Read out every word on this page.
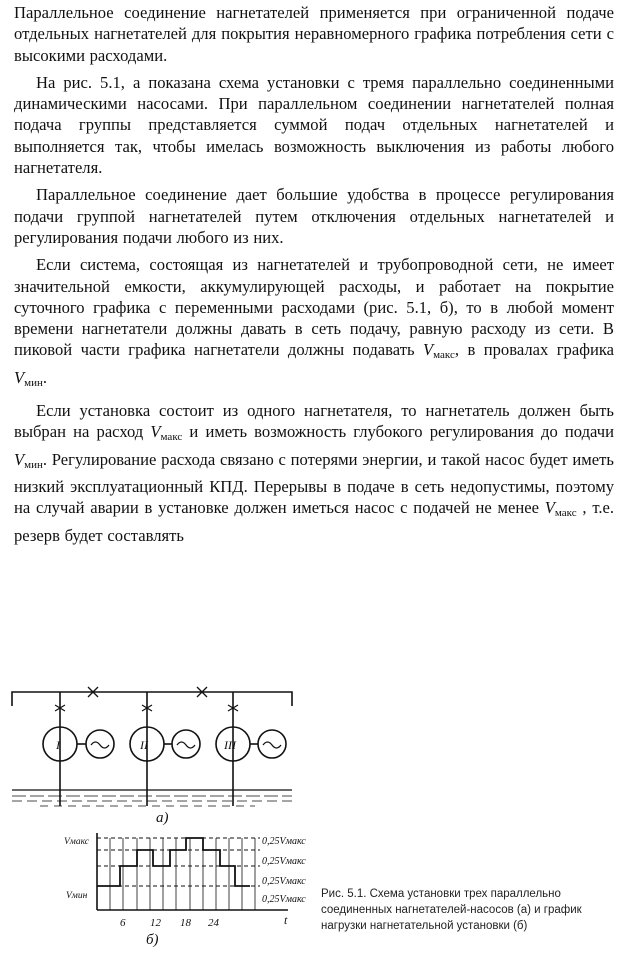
Параллельное соединение нагнетателей применяется при ограниченной подаче отдельных нагнетателей для покрытия неравномерного графика потребления сети с высокими расходами.

На рис. 5.1, а показана схема установки с тремя параллельно соединенными динамическими насосами. При параллельном соединении нагнетателей полная подача группы представляется суммой подач отдельных нагнетателей и выполняется так, чтобы имелась возможность выключения из работы любого нагнетателя.

Параллельное соединение дает большие удобства в процессе регулирования подачи группой нагнетателей путем отключения отдельных нагнетателей и регулирования подачи любого из них.

Если система, состоящая из нагнетателей и трубопроводной сети, не имеет значительной емкости, аккумулирующей расходы, и работает на покрытие суточного графика с переменными расходами (рис. 5.1, б), то в любой момент времени нагнетатели должны давать в сеть подачу, равную расходу из сети. В пиковой части графика нагнетатели должны подавать $V_{макс}$, в провалах графика $V_{мин}$.

Если установка состоит из одного нагнетателя, то нагнетатель должен быть выбран на расход $V_{макс}$ и иметь возможность глубокого регулирования до подачи $V_{мин}$. Регулирование расхода связано с потерями энергии, и такой насос будет иметь низкий эксплуатационный КПД. Перерывы в подаче в сеть недопустимы, поэтому на случай аварии в установке должен иметься насос с подачей не менее $V_{макс}$ , т.е. резерв будет составлять

I	II	III
а)
Vмакс
Vмин
0,25Vмакс
0,25Vмакс
0,25Vмакс
0,25Vмакс
6 12 18 24	t
б)
Рис. 5.1. Схема установки трех параллельно соединенных нагнетателей-насосов (а) и график нагрузки нагнетательной установки (б)
